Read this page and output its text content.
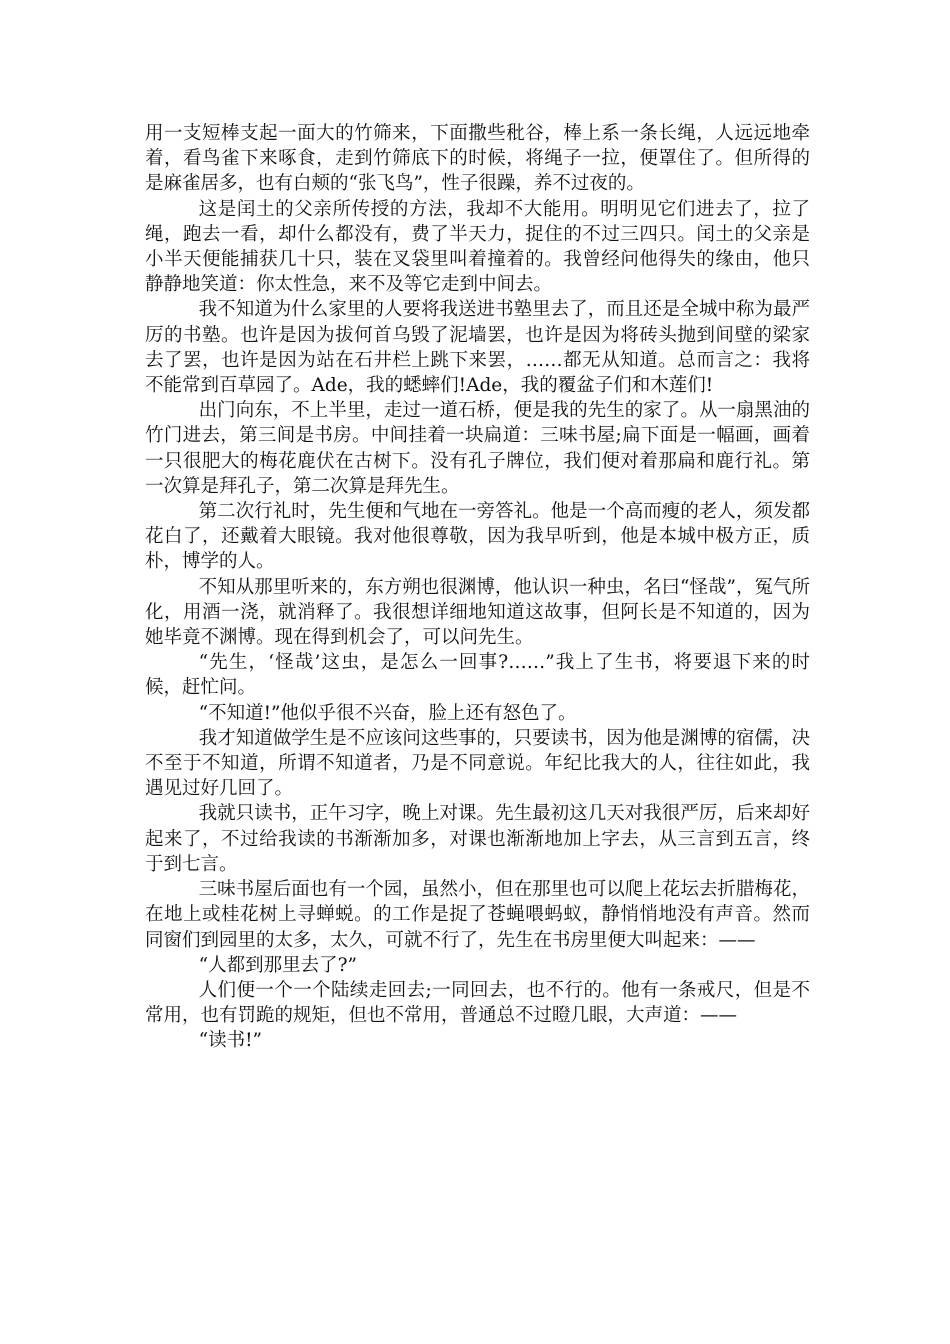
用一支短棒支起一面大的竹筛来，下面撒些秕谷，棒上系一条长绳，人远远地牵着，看鸟雀下来啄食，走到竹筛底下的时候，将绳子一拉，便罩住了。但所得的是麻雀居多，也有白颊的“张飞鸟”，性子很躁，养不过夜的。

这是闰土的父亲所传授的方法，我却不大能用。明明见它们进去了，拉了绳，跑去一看，却什么都没有，费了半天力，捉住的不过三四只。闰土的父亲是小半天便能捕获几十只，装在叉袋里叫着撞着的。我曾经问他得失的缘由，他只静静地笑道：你太性急，来不及等它走到中间去。

我不知道为什么家里的人要将我送进书塾里去了，而且还是全城中称为最严厉的书塾。也许是因为拔何首乌毁了泥墙罢，也许是因为将砖头抛到间壁的梁家去了罢，也许是因为站在石井栏上跳下来罢，……都无从知道。总而言之：我将不能常到百草园了。Ade，我的蟋蟀们!Ade，我的覆盆子们和木莲们!

出门向东，不上半里，走过一道石桥，便是我的先生的家了。从一扇黑油的竹门进去，第三间是书房。中间挂着一块扁道：三味书屋;扁下面是一幅画，画着一只很肥大的梅花鹿伏在古树下。没有孔子牌位，我们便对着那扁和鹿行礼。第一次算是拜孔子，第二次算是拜先生。

第二次行礼时，先生便和气地在一旁答礼。他是一个高而瘦的老人，须发都花白了，还戴着大眼镜。我对他很尊敬，因为我早听到，他是本城中极方正，质朴，博学的人。

不知从那里听来的，东方朔也很渊博，他认识一种虫，名曰“怪哉”，冤气所化，用酒一浇，就消释了。我很想详细地知道这故事，但阿长是不知道的，因为她毕竟不渊博。现在得到机会了，可以问先生。

“先生，‘怪哉’这虫，是怎么一回事?……”我上了生书，将要退下来的时候，赶忙问。

“不知道!”他似乎很不兴奋，脸上还有怒色了。

我才知道做学生是不应该问这些事的，只要读书，因为他是渊博的宿儒，决不至于不知道，所谓不知道者，乃是不同意说。年纪比我大的人，往往如此，我遇见过好几回了。

我就只读书，正午习字，晚上对课。先生最初这几天对我很严厉，后来却好起来了，不过给我读的书渐渐加多，对课也渐渐地加上字去，从三言到五言，终于到七言。

三味书屋后面也有一个园，虽然小，但在那里也可以爬上花坛去折腊梅花，在地上或桂花树上寻蝉蜕。的工作是捉了苍蝇喂蚂蚁，静悄悄地没有声音。然而同窗们到园里的太多，太久，可就不行了，先生在书房里便大叫起来：——

“人都到那里去了?”

人们便一个一个陆续走回去;一同回去，也不行的。他有一条戒尺，但是不常用，也有罚跪的规矩，但也不常用，普通总不过瞪几眼，大声道：——

“读书!”
